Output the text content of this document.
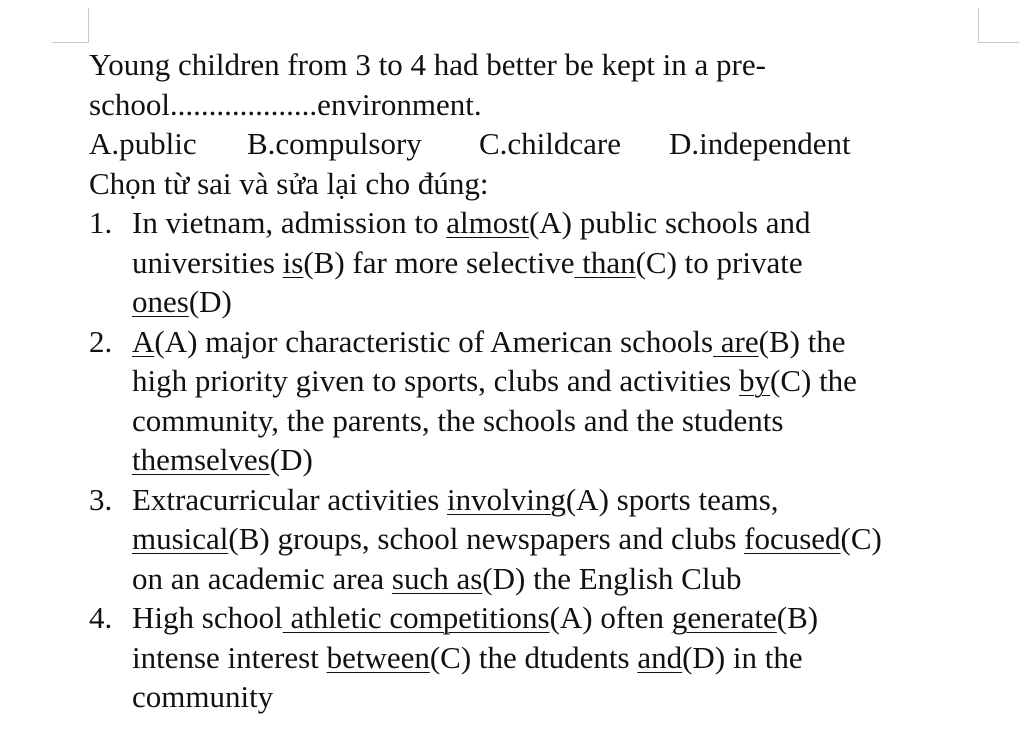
Young children from 3 to 4 had better be kept in a pre-
school...................environment.
A.public B.compulsory C.childcare D.independent
Chọn từ sai và sửa lại cho đúng:
1. In vietnam, admission to almost(A) public schools and
universities is(B) far more selective than(C) to private
ones(D)
2. A(A) major characteristic of American schools are(B) the
high priority given to sports, clubs and activities by(C) the
community, the parents, the schools and the students
themselves(D)
3. Extracurricular activities involving(A) sports teams,
musical(B) groups, school newspapers and clubs focused(C)
on an academic area such as(D) the English Club
4. High school athletic competitions(A) often generate(B)
intense interest between(C) the dtudents and(D) in the
community
